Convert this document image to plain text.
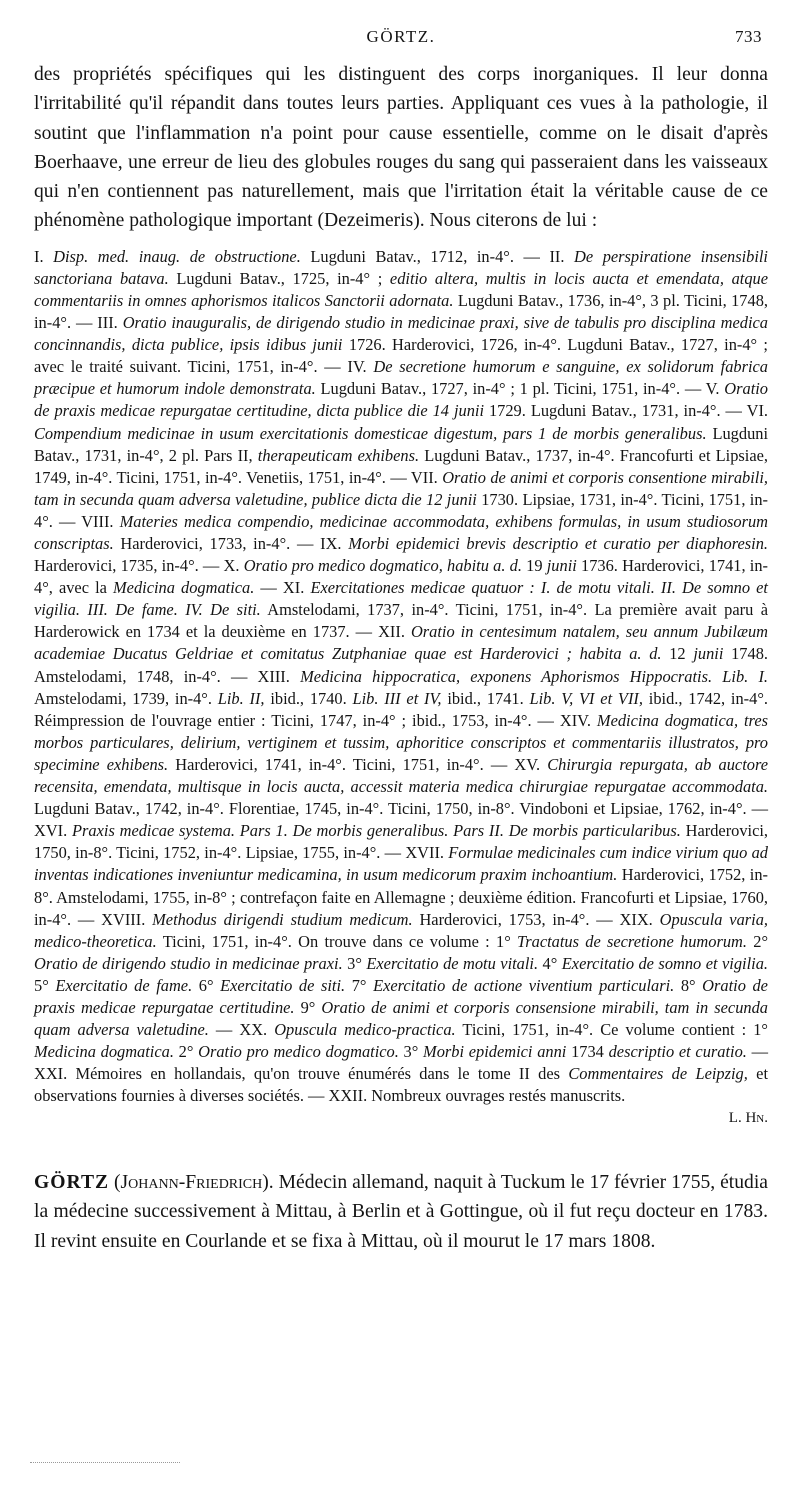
GÖRTZ.	733

des propriétés spécifiques qui les distinguent des corps inorganiques. Il leur donna l'irritabilité qu'il répandit dans toutes leurs parties. Appliquant ces vues à la pathologie, il soutint que l'inflammation n'a point pour cause essentielle, comme on le disait d'après Boerhaave, une erreur de lieu des globules rouges du sang qui passeraient dans les vaisseaux qui n'en contiennent pas naturellement, mais que l'irritation était la véritable cause de ce phénomène pathologique important (Dezeimeris). Nous citerons de lui :

I. Disp. med. inaug. de obstructione. Lugduni Batav., 1712, in-4°. — II. De perspiratione insensibili sanctoriana batava. Lugduni Batav., 1725, in-4° ; editio altera, multis in locis aucta et emendata, atque commentariis in omnes aphorismos italicos Sanctorii adornata. Lugduni Batav., 1736, in-4°, 3 pl. Ticini, 1748, in-4°. — III. Oratio inauguralis, de dirigendo studio in medicinae praxi, sive de tabulis pro disciplina medica concinnandis, dicta publice, ipsis idibus junii 1726. Harderovici, 1726, in-4°. Lugduni Batav., 1727, in-4° ; avec le traité suivant. Ticini, 1751, in-4°. — IV. De secretione humorum e sanguine, ex solidorum fabrica præcipue et humorum indole demonstrata. Lugduni Batav., 1727, in-4° ; 1 pl. Ticini, 1751, in-4°. — V. Oratio de praxis medicae repurgatae certitudine, dicta publice die 14 junii 1729. Lugduni Batav., 1731, in-4°. — VI. Compendium medicinae in usum exercitationis domesticae digestum, pars 1 de morbis generalibus. Lugduni Batav., 1731, in-4°, 2 pl. Pars II, therapeuticam exhibens. Lugduni Batav., 1737, in-4°. Francofurti et Lipsiae, 1749, in-4°. Ticini, 1751, in-4°. Venetiis, 1751, in-4°. — VII. Oratio de animi et corporis consentione mirabili, tam in secunda quam adversa valetudine, publice dicta die 12 junii 1730. Lipsiae, 1731, in-4°. Ticini, 1751, in-4°. — VIII. Materies medica compendio, medicinae accommodata, exhibens formulas, in usum studiosorum conscriptas. Harderovici, 1733, in-4°. — IX. Morbi epidemici brevis descriptio et curatio per diaphoresin. Harderovici, 1735, in-4°. — X. Oratio pro medico dogmatico, habitu a. d. 19 junii 1736. Harderovici, 1741, in-4°, avec la Medicina dogmatica. — XI. Exercitationes medicae quatuor : I. de motu vitali. II. De somno et vigilia. III. De fame. IV. De siti. Amstelodami, 1737, in-4°. Ticini, 1751, in-4°. La première avait paru à Harderowick en 1734 et la deuxième en 1737. — XII. Oratio in centesimum natalem, seu annum Jubilæum academiae Ducatus Geldriae et comitatus Zutphaniae quae est Harderovici ; habita a. d. 12 junii 1748. Amstelodami, 1748, in-4°. — XIII. Medicina hippocratica, exponens Aphorismos Hippocratis. Lib. I. Amstelodami, 1739, in-4°. Lib. II, ibid., 1740. Lib. III et IV, ibid., 1741. Lib. V, VI et VII, ibid., 1742, in-4°. Réimpression de l'ouvrage entier : Ticini, 1747, in-4° ; ibid., 1753, in-4°. — XIV. Medicina dogmatica, tres morbos particulares, delirium, vertiginem et tussim, aphoritice conscriptos et commentariis illustratos, pro specimine exhibens. Harderovici, 1741, in-4°. Ticini, 1751, in-4°. — XV. Chirurgia repurgata, ab auctore recensita, emendata, multisque in locis aucta, accessit materia medica chirurgiae repurgatae accommodata. Lugduni Batav., 1742, in-4°. Florentiae, 1745, in-4°. Ticini, 1750, in-8°. Vindoboni et Lipsiae, 1762, in-4°. — XVI. Praxis medicae systema. Pars 1. De morbis generalibus. Pars II. De morbis particularibus. Harderovici, 1750, in-8°. Ticini, 1752, in-4°. Lipsiae, 1755, in-4°. — XVII. Formulae medicinales cum indice virium quo ad inventas indicationes inveniuntur medicamina, in usum medicorum praxim inchoantium. Harderovici, 1752, in-8°. Amstelodami, 1755, in-8° ; contrefaçon faite en Allemagne ; deuxième édition. Francofurti et Lipsiae, 1760, in-4°. — XVIII. Methodus dirigendi studium medicum. Harderovici, 1753, in-4°. — XIX. Opuscula varia, medico-theoretica. Ticini, 1751, in-4°. On trouve dans ce volume : 1° Tractatus de secretione humorum. 2° Oratio de dirigendo studio in medicinae praxi. 3° Exercitatio de motu vitali. 4° Exercitatio de somno et vigilia. 5° Exercitatio de fame. 6° Exercitatio de siti. 7° Exercitatio de actione viventium particulari. 8° Oratio de praxis medicae repurgatae certitudine. 9° Oratio de animi et corporis consensione mirabili, tam in secunda quam adversa valetudine. — XX. Opuscula medico-practica. Ticini, 1751, in-4°. Ce volume contient : 1° Medicina dogmatica. 2° Oratio pro medico dogmatico. 3° Morbi epidemici anni 1734 descriptio et curatio. — XXI. Mémoires en hollandais, qu'on trouve énumérés dans le tome II des Commentaires de Leipzig, et observations fournies à diverses sociétés. — XXII. Nombreux ouvrages restés manuscrits.

L. Hn.

GÖRTZ (Johann-Friedrich). Médecin allemand, naquit à Tuckum le 17 février 1755, étudia la médecine successivement à Mittau, à Berlin et à Gottingue, où il fut reçu docteur en 1783. Il revint ensuite en Courlande et se fixa à Mittau, où il mourut le 17 mars 1808.
